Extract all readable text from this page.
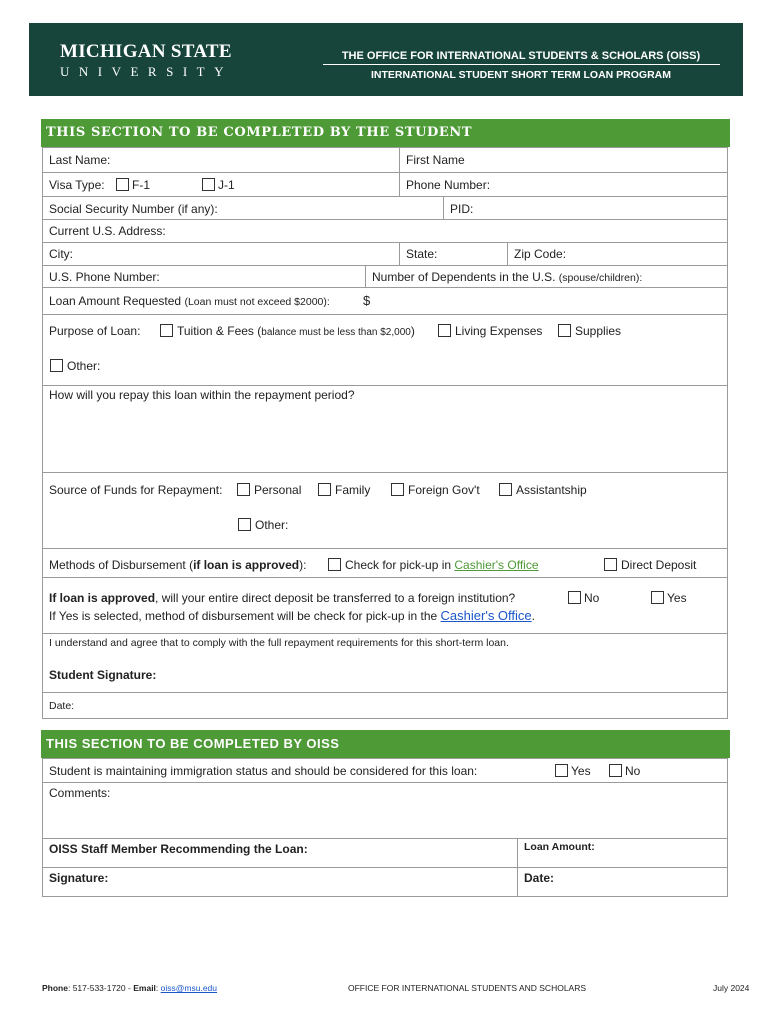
MICHIGAN STATE
UNIVERSITY
THE OFFICE FOR INTERNATIONAL STUDENTS & SCHOLARS (OISS)
INTERNATIONAL STUDENT SHORT TERM LOAN PROGRAM
THIS SECTION TO BE COMPLETED BY THE STUDENT
Last Name:	First Name
Visa Type: F-1	J-1	Phone Number:
Social Security Number (if any):	PID:
Current U.S. Address:
City:	State:	Zip Code:
U.S. Phone Number:	Number of Dependents in the U.S. (spouse/children):
Loan Amount Requested (Loan must not exceed $2000):	$
Purpose of Loan:	Tuition & Fees (balance must be less than $2,000)	Living Expenses	Supplies
Other:
How will you repay this loan within the repayment period?
Source of Funds for Repayment:	Personal	Family	Foreign Gov't	Assistantship
Other:
Methods of Disbursement (if loan is approved):	Check for pick-up in Cashier's Office	Direct Deposit
If loan is approved, will your entire direct deposit be transferred to a foreign institution?	No	Yes
If Yes is selected, method of disbursement will be check for pick-up in the Cashier's Office.
I understand and agree that to comply with the full repayment requirements for this short-term loan.
Student Signature:
Date:
THIS SECTION TO BE COMPLETED BY OISS
Student is maintaining immigration status and should be considered for this loan:	Yes	No
Comments:
OISS Staff Member Recommending the Loan:	Loan Amount:
Signature:	Date:
Phone: 517-533-1720 - Email: oiss@msu.edu	OFFICE FOR INTERNATIONAL STUDENTS AND SCHOLARS	July 2024
